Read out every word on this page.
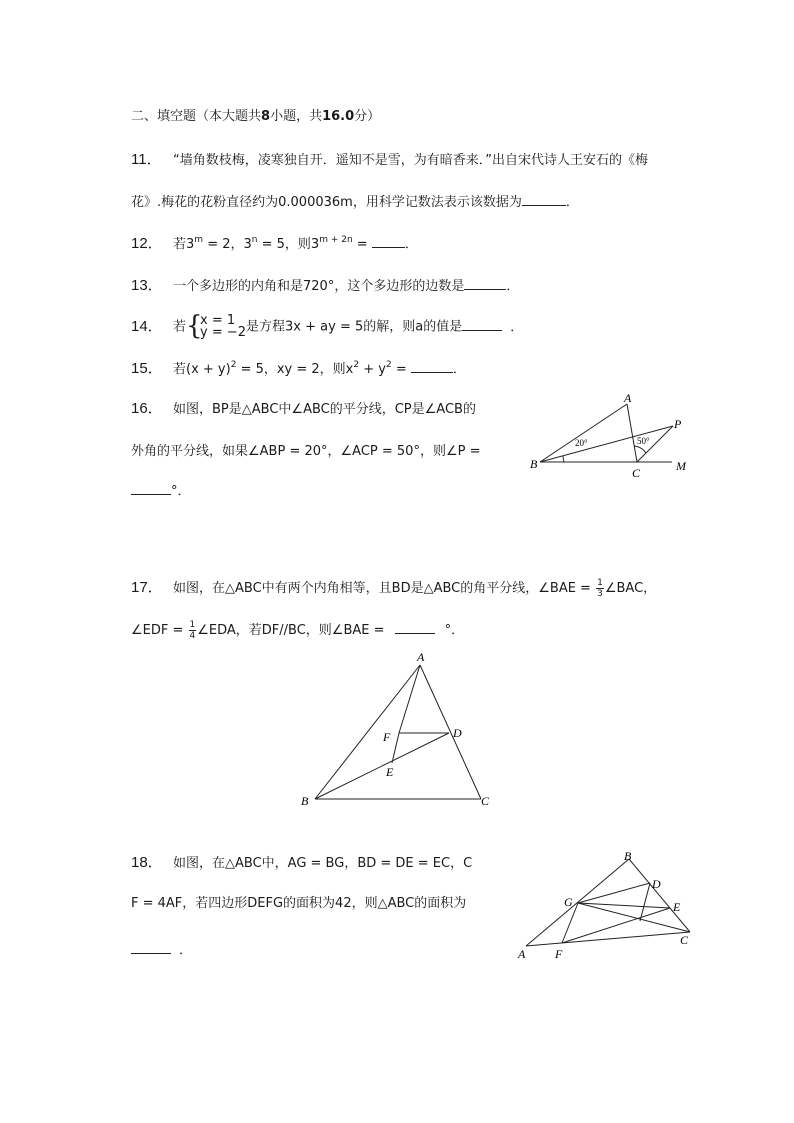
二、填空题（本大题共8小题，共16.0分）
11． “墙角数枝梅，凌寒独自开．遥知不是雪，为有暗香来．”出自宋代诗人王安石的《梅
花》.梅花的花粉直径约为0.000036m，用科学记数法表示该数据为	．
12． 若$3^m = 2$，$3^n = 5$，则$3^{m + 2n}$ =	．
13． 一个多边形的内角和是720°，这个多边形的边数是	．
14． 若 {
x = 1
y = −2 是方程3x + ay = 5的解，则a的值是	．
15． 若$(x + y)^2 = 5$，xy = 2，则$x^2 + y^2$ =	．
16． 如图，BP是△ABC中∠ABC的平分线，CP是∠ACB的
外角的平分线，如果∠ABP = 20°，∠ACP = 50°，则∠P =
°．
A
B
C
P
M
20°	50°
17． 如图，在△ABC中有两个内角相等，且BD是△ABC的角平分线，∠BAE = $\frac{1}{3}$ ∠BAC，
∠EDF = $\frac{1}{4}$ ∠EDA，若DF//BC，则∠BAE =	°．
A
B	C
D
E
F
18． 如图，在△ABC中，AG = BG，BD = DE = EC，C
F = 4AF，若四边形DEFG的面积为42，则△ABC的面积为
．	A
B
C
D
E
F
G
